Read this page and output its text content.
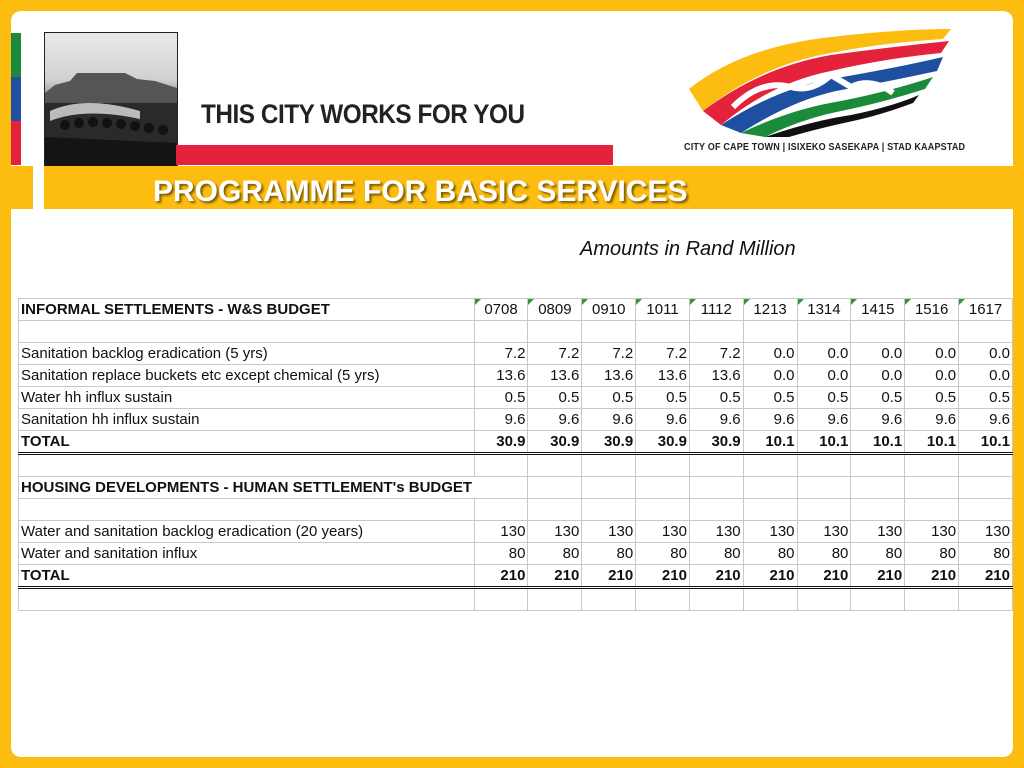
THIS CITY WORKS FOR YOU
CITY OF CAPE TOWN | ISIXEKO SASEKAPA | STAD KAAPSTAD
PROGRAMME FOR BASIC SERVICES
Amounts in Rand Million
INFORMAL SETTLEMENTS - W&S BUDGET	0708	0809	0910	1011	1112	1213	1314	1415	1516	1617

Sanitation backlog eradication (5 yrs)	7.2	7.2	7.2	7.2	7.2	0.0	0.0	0.0	0.0	0.0
Sanitation replace buckets etc except chemical (5 yrs)	13.6	13.6	13.6	13.6	13.6	0.0	0.0	0.0	0.0	0.0
Water hh influx sustain	0.5	0.5	0.5	0.5	0.5	0.5	0.5	0.5	0.5	0.5
Sanitation hh influx sustain	9.6	9.6	9.6	9.6	9.6	9.6	9.6	9.6	9.6	9.6
TOTAL	30.9	30.9	30.9	30.9	30.9	10.1	10.1	10.1	10.1	10.1

HOUSING DEVELOPMENTS - HUMAN SETTLEMENT's BUDGET										

Water and sanitation backlog eradication (20 years)	130	130	130	130	130	130	130	130	130	130
Water and sanitation influx	80	80	80	80	80	80	80	80	80	80
TOTAL	210	210	210	210	210	210	210	210	210	210
